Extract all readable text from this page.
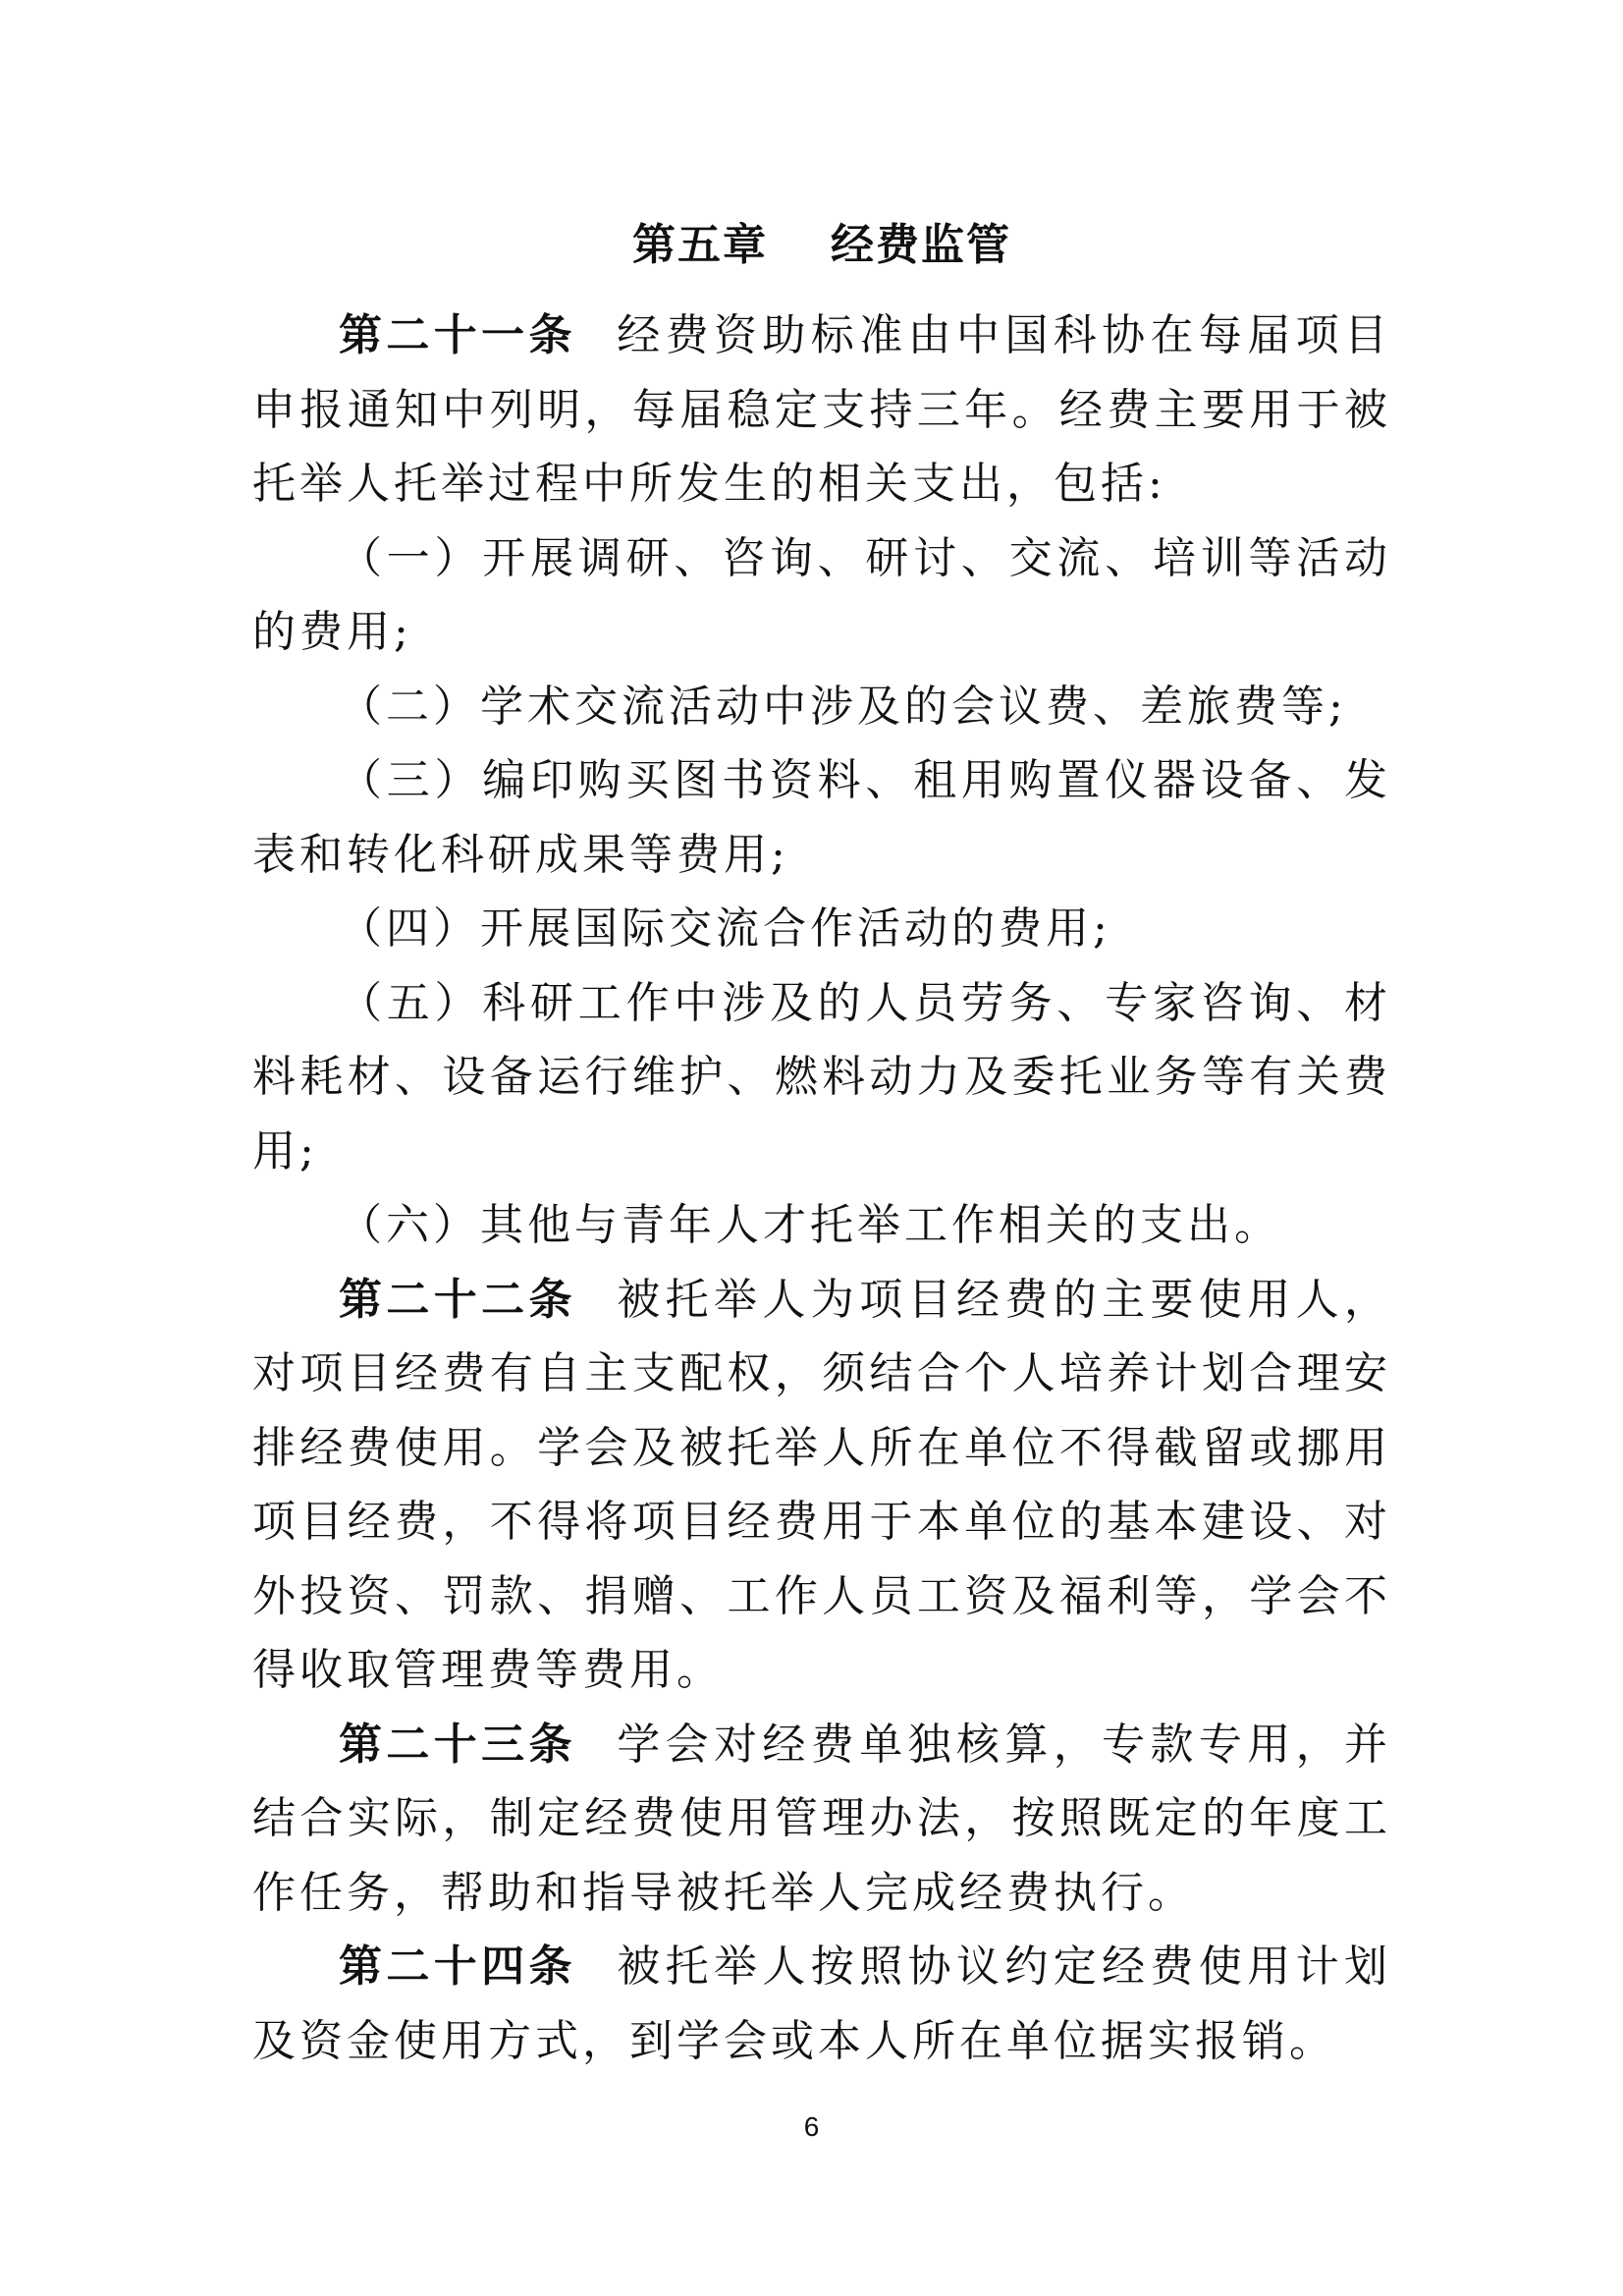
第五章 经费监管

第二十一条 经费资助标准由中国科协在每届项目申报通知中列明，每届稳定支持三年。经费主要用于被托举人托举过程中所发生的相关支出，包括:

（一）开展调研、咨询、研讨、交流、培训等活动的费用;

（二）学术交流活动中涉及的会议费、差旅费等;

（三）编印购买图书资料、租用购置仪器设备、发表和转化科研成果等费用;

（四）开展国际交流合作活动的费用;

（五）科研工作中涉及的人员劳务、专家咨询、材料耗材、设备运行维护、燃料动力及委托业务等有关费用;

（六）其他与青年人才托举工作相关的支出。

第二十二条 被托举人为项目经费的主要使用人，对项目经费有自主支配权，须结合个人培养计划合理安排经费使用。学会及被托举人所在单位不得截留或挪用项目经费，不得将项目经费用于本单位的基本建设、对外投资、罚款、捐赠、工作人员工资及福利等，学会不得收取管理费等费用。

第二十三条 学会对经费单独核算，专款专用，并结合实际，制定经费使用管理办法，按照既定的年度工作任务，帮助和指导被托举人完成经费执行。

第二十四条 被托举人按照协议约定经费使用计划及资金使用方式，到学会或本人所在单位据实报销。

6
